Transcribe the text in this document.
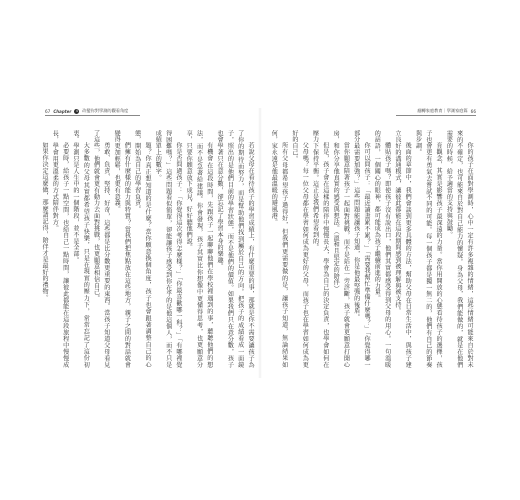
67 Chapter	4	改變你對學測的觀看角度

若說父母在看待孩子的學習成績上，有什麼重要的事，那就是你不需要讓孩子為了你的期待而努力，而是幫助他們找到屬於自己的方向。把孩子的成績看成一面鏡子，照出的是他們目前的學習狀態，而不是他們的價值。如果我們只在意分數，孩子也會學著只在意分數，卻忘記了學習本身的樂趣。

有機會在這段時間，先跟孩子一起聊聊他們在學校裡遇到的事，聽聽他們的想法，而不是急著給建議。你會發現，孩子其實比你想像中更懂得思考，也更願意分享，只要你願意放下成見，好好聽他們說。

你是否問過孩子：「你覺得這次考得怎麼樣？」「你最喜歡哪一科？」「有哪裡覺得困難嗎？」這些問題看似簡單，卻能讓孩子感受到你在乎的是他這個人，而不只是成績單上的數字。

題？你真正想知道的是什麼？當你願意換個角度，孩子也會跟著調整自己的心態，開始為自己的學習負責。

們擁有什麼樣的能力與特質？當我們把焦點放在這些地方，親子之間的對話就會變得更加輕鬆，也更有意義。

勇敢、負責、堅持、好奇，這些都是比分數更重要的東西。當孩子知道父母看見了這些，他們就會更有動力去面對挑戰，也更願意相信自己。

大多數的父母其實都希望孩子快樂，只是在現實的壓力下，常常忘記了這份初衷。學測只是人生中的一個階段，並不是全部。

必要時，給孩子一點空間，也給自己一點時間，讓彼此都能在這段旅程中慢慢成長，學會用更溫柔的方式陪伴對方。

如果你決定這麼做，那麼請記得，陪伴才是最好的禮物。

翻轉家庭教育｜學測家庭篇 66

你的孩子在面對學測時，心中一定有許多複雜的情緒，這些情緒可能來自於對未來的不確定，也可能來自於對自己能力的懷疑。身為父母，我們能做的，就是在他們需要的時候，給予適當的支持與鼓勵。

育觀念，其實是影響孩子最深遠的力量。當你用開放的心態看待孩子的選擇，孩子也會更有勇氣去嘗試不同的可能。每一個孩子都是獨一無二的，他們有自己的節奏與步調。

後面的章節中，我們會談到更多具體的方法，幫助父母在日常生活中，與孩子建立良好的溝通模式，讓彼此都能在這段期間感到被理解與被支持。

體貼孩子嗎？即使孩子沒有說出口，他們其實都感受得到父母的用心。一句溫暖的話語，一個關心的眼神，都可能成為孩子繼續前進的力量。

你可以問孩子：「最近讀書累不累？」「需要我幫忙準備什麼嗎？」「你覺得哪一部分最需要加強？」這些問題能讓孩子知道，你是他最堅強的後盾。

當你願意陪著孩子一起面對挑戰，而不是站在一旁評斷，孩子就會更願意打開心房，和你分享他真實的感受與想法。（溫和且堅定的陪伴）

但是，孩子會在這樣的陪伴中慢慢長大，學會為自己的決定負責，也學會如何在壓力下保持平衡。這正是我們希望看到的。

父母嗎？每一位父母都在學習如何成為更好的父母，而孩子也在學習如何成為更好的自己。

所有父母都希望孩子過得好，但我們更需要做的是，讓孩子知道，無論結果如何，家永遠是他最溫暖的避風港。
